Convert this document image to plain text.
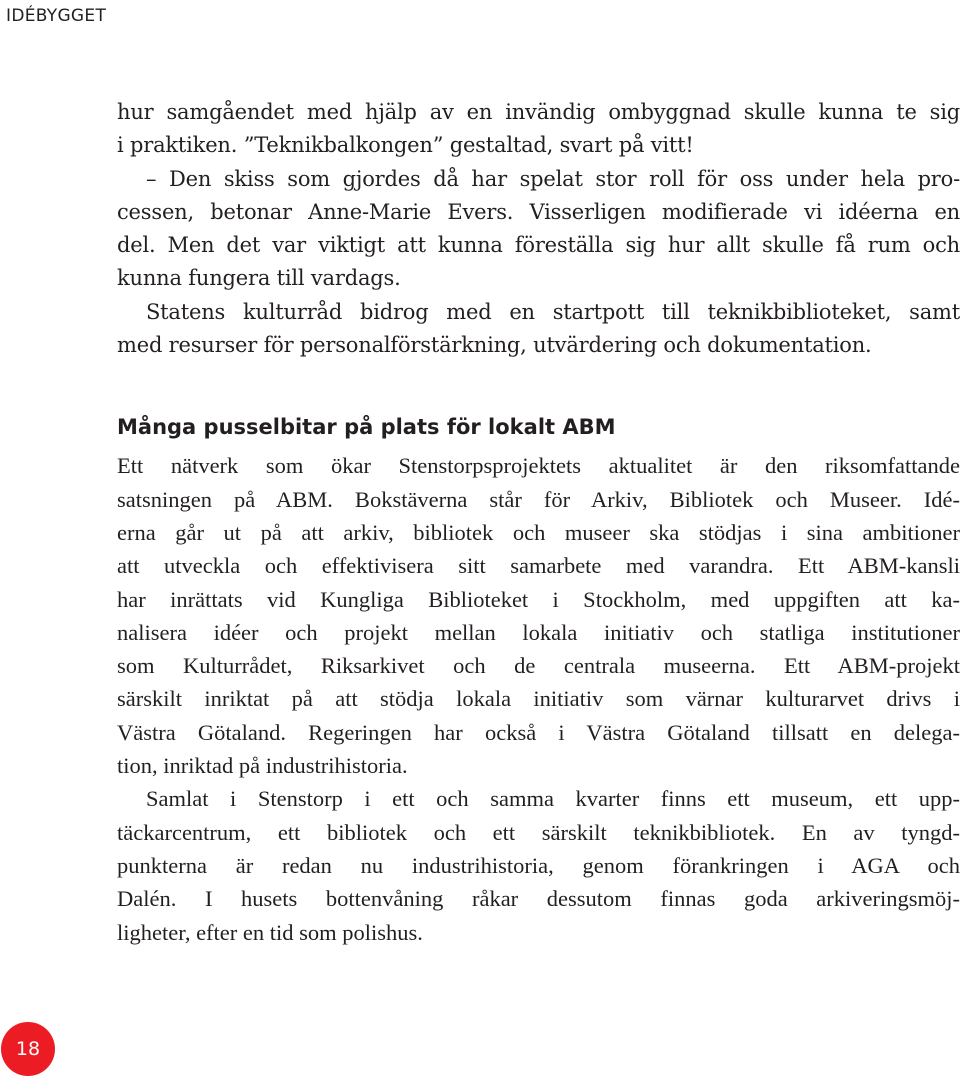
IDÉBYGGET
hur samgåendet med hjälp av en invändig ombyggnad skulle kunna te sig
i praktiken. ”Teknikbalkongen” gestaltad, svart på vitt!
– Den skiss som gjordes då har spelat stor roll för oss under hela pro-
cessen, betonar Anne-Marie Evers. Visserligen modifierade vi idéerna en
del. Men det var viktigt att kunna föreställa sig hur allt skulle få rum och
kunna fungera till vardags.
Statens kulturråd bidrog med en startpott till teknikbiblioteket, samt
med resurser för personalförstärkning, utvärdering och dokumentation.
Många pusselbitar på plats för lokalt ABM
Ett nätverk som ökar Stenstorpsprojektets aktualitet är den riksomfattande
satsningen på ABM. Bokstäverna står för Arkiv, Bibliotek och Museer. Idé-
erna går ut på att arkiv, bibliotek och museer ska stödjas i sina ambitioner
att utveckla och effektivisera sitt samarbete med varandra. Ett ABM-kansli
har inrättats vid Kungliga Biblioteket i Stockholm, med uppgiften att ka-
nalisera idéer och projekt mellan lokala initiativ och statliga institutioner
som Kulturrådet, Riksarkivet och de centrala museerna. Ett ABM-projekt
särskilt inriktat på att stödja lokala initiativ som värnar kulturarvet drivs i
Västra Götaland. Regeringen har också i Västra Götaland tillsatt en delega-
tion, inriktad på industrihistoria.
Samlat i Stenstorp i ett och samma kvarter finns ett museum, ett upp-
täckarcentrum, ett bibliotek och ett särskilt teknikbibliotek. En av tyngd-
punkterna är redan nu industrihistoria, genom förankringen i AGA och
Dalén. I husets bottenvåning råkar dessutom finnas goda arkiveringsmöj-
ligheter, efter en tid som polishus.
18
